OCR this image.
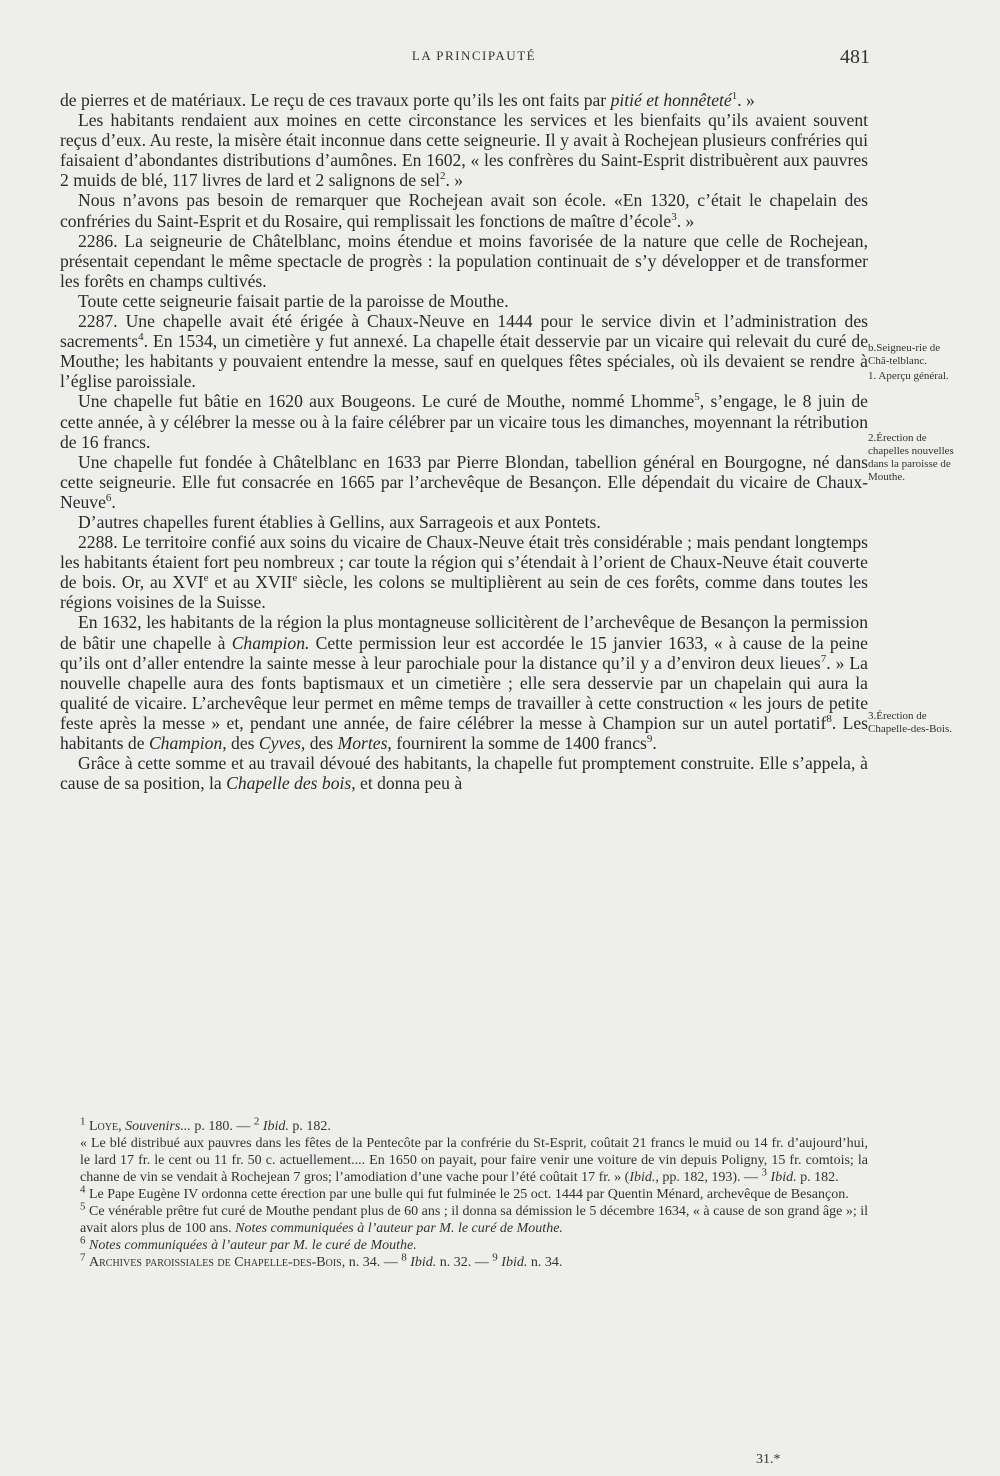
LA PRINCIPAUTÉ	481

de pierres et de matériaux. Le reçu de ces travaux porte qu’ils les ont faits par pitié et honnêteté$^1$. »

Les habitants rendaient aux moines en cette circonstance les services et les bienfaits qu’ils avaient souvent reçus d’eux. Au reste, la misère était inconnue dans cette seigneurie. Il y avait à Rochejean plusieurs confréries qui faisaient d’abondantes distributions d’aumônes. En 1602, « les confrères du Saint-Esprit distribuèrent aux pauvres 2 muids de blé, 117 livres de lard et 2 salignons de sel$^2$. »

Nous n’avons pas besoin de remarquer que Rochejean avait son école. «En 1320, c’était le chapelain des confréries du Saint-Esprit et du Rosaire, qui remplissait les fonctions de maître d’école$^3$. »

2286. La seigneurie de Châtelblanc, moins étendue et moins favorisée de la nature que celle de Rochejean, présentait cependant le même spectacle de progrès : la population continuait de s’y développer et de transformer les forêts en champs cultivés.

Toute cette seigneurie faisait partie de la paroisse de Mouthe.

2287. Une chapelle avait été érigée à Chaux-Neuve en 1444 pour le service divin et l’administration des sacrements$^4$. En 1534, un cimetière y fut annexé. La chapelle était desservie par un vicaire qui relevait du curé de Mouthe; les habitants y pouvaient entendre la messe, sauf en quelques fêtes spéciales, où ils devaient se rendre à l’église paroissiale.

Une chapelle fut bâtie en 1620 aux Bougeons. Le curé de Mouthe, nommé Lhomme$^5$, s’engage, le 8 juin de cette année, à y célébrer la messe ou à la faire célébrer par un vicaire tous les dimanches, moyennant la rétribution de 16 francs.

Une chapelle fut fondée à Châtelblanc en 1633 par Pierre Blondan, tabellion général en Bourgogne, né dans cette seigneurie. Elle fut consacrée en 1665 par l’archevêque de Besançon. Elle dépendait du vicaire de Chaux-Neuve$^6$.

D’autres chapelles furent établies à Gellins, aux Sarrageois et aux Pontets.

2288. Le territoire confié aux soins du vicaire de Chaux-Neuve était très considérable ; mais pendant longtemps les habitants étaient fort peu nombreux ; car toute la région qui s’étendait à l’orient de Chaux-Neuve était couverte de bois. Or, au XVIe et au XVIIe siècle, les colons se multiplièrent au sein de ces forêts, comme dans toutes les régions voisines de la Suisse.

En 1632, les habitants de la région la plus montagneuse sollicitèrent de l’archevêque de Besançon la permission de bâtir une chapelle à Champion. Cette permission leur est accordée le 15 janvier 1633, « à cause de la peine qu’ils ont d’aller entendre la sainte messe à leur parochiale pour la distance qu’il y a d’environ deux lieues$^7$. » La nouvelle chapelle aura des fonts baptismaux et un cimetière ; elle sera desservie par un chapelain qui aura la qualité de vicaire. L’archevêque leur permet en même temps de travailler à cette construction « les jours de petite feste après la messe » et, pendant une année, de faire célébrer la messe à Champion sur un autel portatif$^8$. Les habitants de Champion, des Cyves, des Mortes, fournirent la somme de 1400 francs$^9$.

Grâce à cette somme et au travail dévoué des habitants, la chapelle fut promptement construite. Elle s’appela, à cause de sa position, la Chapelle des bois, et donna peu à

b.Seigneu-rie de Châ-telblanc.
1. Aperçu général.
2.Érection de chapelles nouvelles dans la paroisse de Mouthe.
3.Érection de Chapelle-des-Bois.

$^1$ Loye, Souvenirs... p. 180. — $^2$ Ibid. p. 182.

« Le blé distribué aux pauvres dans les fêtes de la Pentecôte par la confrérie du St-Esprit, coûtait 21 francs le muid ou 14 fr. d’aujourd’hui, le lard 17 fr. le cent ou 11 fr. 50 c. actuellement.... En 1650 on payait, pour faire venir une voiture de vin depuis Poligny, 15 fr. comtois; la channe de vin se vendait à Rochejean 7 gros; l’amodiation d’une vache pour l’été coûtait 17 fr. » (Ibid., pp. 182, 193). — $^3$ Ibid. p. 182.

$^4$ Le Pape Eugène IV ordonna cette érection par une bulle qui fut fulminée le 25 oct. 1444 par Quentin Ménard, archevêque de Besançon.

$^5$ Ce vénérable prêtre fut curé de Mouthe pendant plus de 60 ans ; il donna sa démission le 5 décembre 1634, « à cause de son grand âge »; il avait alors plus de 100 ans. Notes communiquées à l’auteur par M. le curé de Mouthe.

$^6$ Notes communiquées à l’auteur par M. le curé de Mouthe.

$^7$ Archives paroissiales de Chapelle-des-Bois, n. 34. — $^8$ Ibid. n. 32. — $^9$ Ibid. n. 34.

31.*
